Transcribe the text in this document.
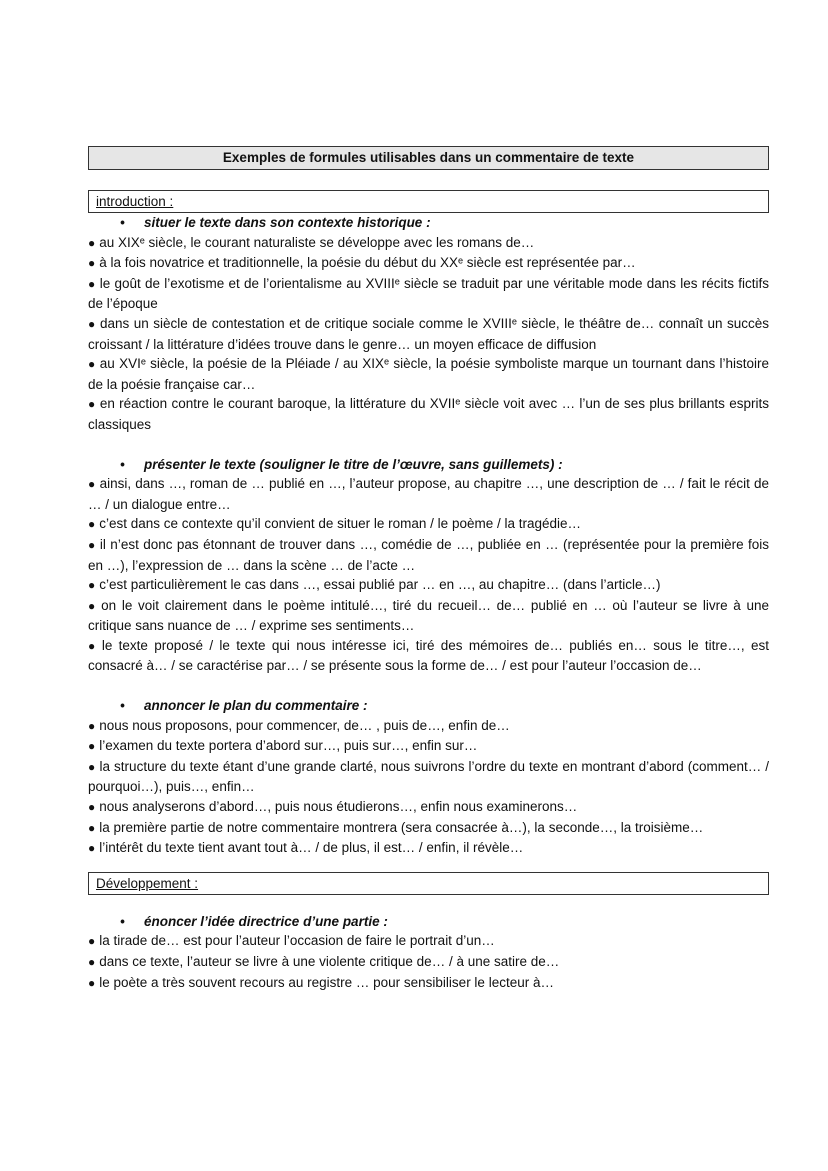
Exemples de formules utilisables dans un commentaire de texte
introduction :
• situer le texte dans son contexte historique :
● au XIXᵉ siècle, le courant naturaliste se développe avec les romans de…
● à la fois novatrice et traditionnelle, la poésie du début du XXᵉ siècle est représentée par…
● le goût de l’exotisme et de l’orientalisme au XVIIIᵉ siècle se traduit par une véritable mode dans les récits fictifs de l’époque
● dans un siècle de contestation et de critique sociale comme le XVIIIᵉ siècle, le théâtre de… connaît un succès croissant / la littérature d’idées trouve dans le genre… un moyen efficace de diffusion
● au XVIᵉ siècle, la poésie de la Pléiade / au XIXᵉ siècle, la poésie symboliste marque un tournant dans l’histoire de la poésie française car…
● en réaction contre le courant baroque, la littérature du XVIIᵉ siècle voit avec … l’un de ses plus brillants esprits classiques
• présenter le texte (souligner le titre de l’œuvre, sans guillemets) :
● ainsi, dans …, roman de … publié en …, l’auteur propose, au chapitre …, une description de … / fait le récit de … / un dialogue entre…
● c’est dans ce contexte qu’il convient de situer le roman / le poème / la tragédie…
● il n’est donc pas étonnant de trouver dans …, comédie de …, publiée en … (représentée pour la première fois en …), l’expression de … dans la scène … de l’acte …
● c’est particulièrement le cas dans …, essai publié par … en …, au chapitre… (dans l’article…)
● on le voit clairement dans le poème intitulé…, tiré du recueil… de… publié en … où l’auteur se livre à une critique sans nuance de … / exprime ses sentiments…
● le texte proposé / le texte qui nous intéresse ici, tiré des mémoires de… publiés en… sous le titre…, est consacré à… / se caractérise par… / se présente sous la forme de… / est pour l’auteur l’occasion de…
• annoncer le plan du commentaire :
● nous nous proposons, pour commencer, de… , puis de…, enfin de…
● l’examen du texte portera d’abord sur…, puis sur…, enfin sur…
● la structure du texte étant d’une grande clarté, nous suivrons l’ordre du texte en montrant d’abord (comment… / pourquoi…), puis…, enfin…
● nous analyserons d’abord…, puis nous étudierons…, enfin nous examinerons…
● la première partie de notre commentaire montrera (sera consacrée à…), la seconde…, la troisième…
● l’intérêt du texte tient avant tout à… / de plus, il est… / enfin, il révèle…
Développement :
• énoncer l’idée directrice d’une partie :
● la tirade de… est pour l’auteur l’occasion de faire le portrait d’un…
● dans ce texte, l’auteur se livre à une violente critique de… / à une satire de…
● le poète a très souvent recours au registre … pour sensibiliser le lecteur à…
